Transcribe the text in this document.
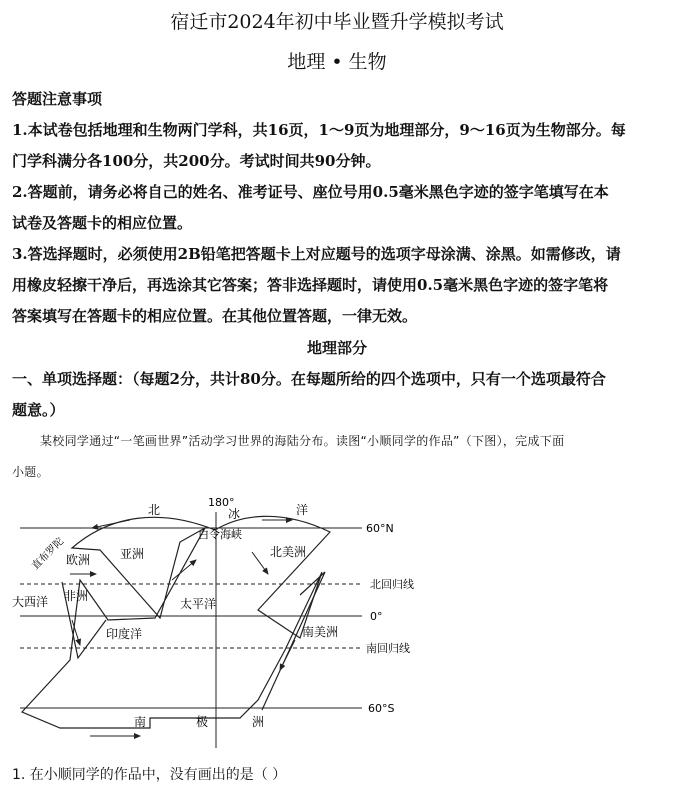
宿迁市2024年初中毕业暨升学模拟考试
地理 • 生物
答题注意事项
1.本试卷包括地理和生物两门学科，共16页，1～9页为地理部分，9～16页为生物部分。每
门学科满分各100分，共200分。考试时间共90分钟。
2.答题前，请务必将自己的姓名、准考证号、座位号用0.5毫米黑色字迹的签字笔填写在本
试卷及答题卡的相应位置。
3.答选择题时，必须使用2B铅笔把答题卡上对应题号的选项字母涂满、涂黑。如需修改，请
用橡皮轻擦干净后，再选涂其它答案；答非选择题时，请使用0.5毫米黑色字迹的签字笔将
答案填写在答题卡的相应位置。在其他位置答题，一律无效。
地理部分
一、单项选择题：（每题2分，共计80分。在每题所给的四个选项中，只有一个选项最符合
题意。）
某校同学通过“一笔画世界”活动学习世界的海陆分布。读图“小顺同学的作品”（下图），完成下面
小题。
180°
60°N
北回归线
0°
南回归线
60°S
北	冰	洋
白令海峡
直布罗陀 欧洲 亚洲
非洲
大西洋	太平洋
印度洋
北美洲
南美洲
南	极	洲
1. 在小顺同学的作品中，没有画出的是（ ）
